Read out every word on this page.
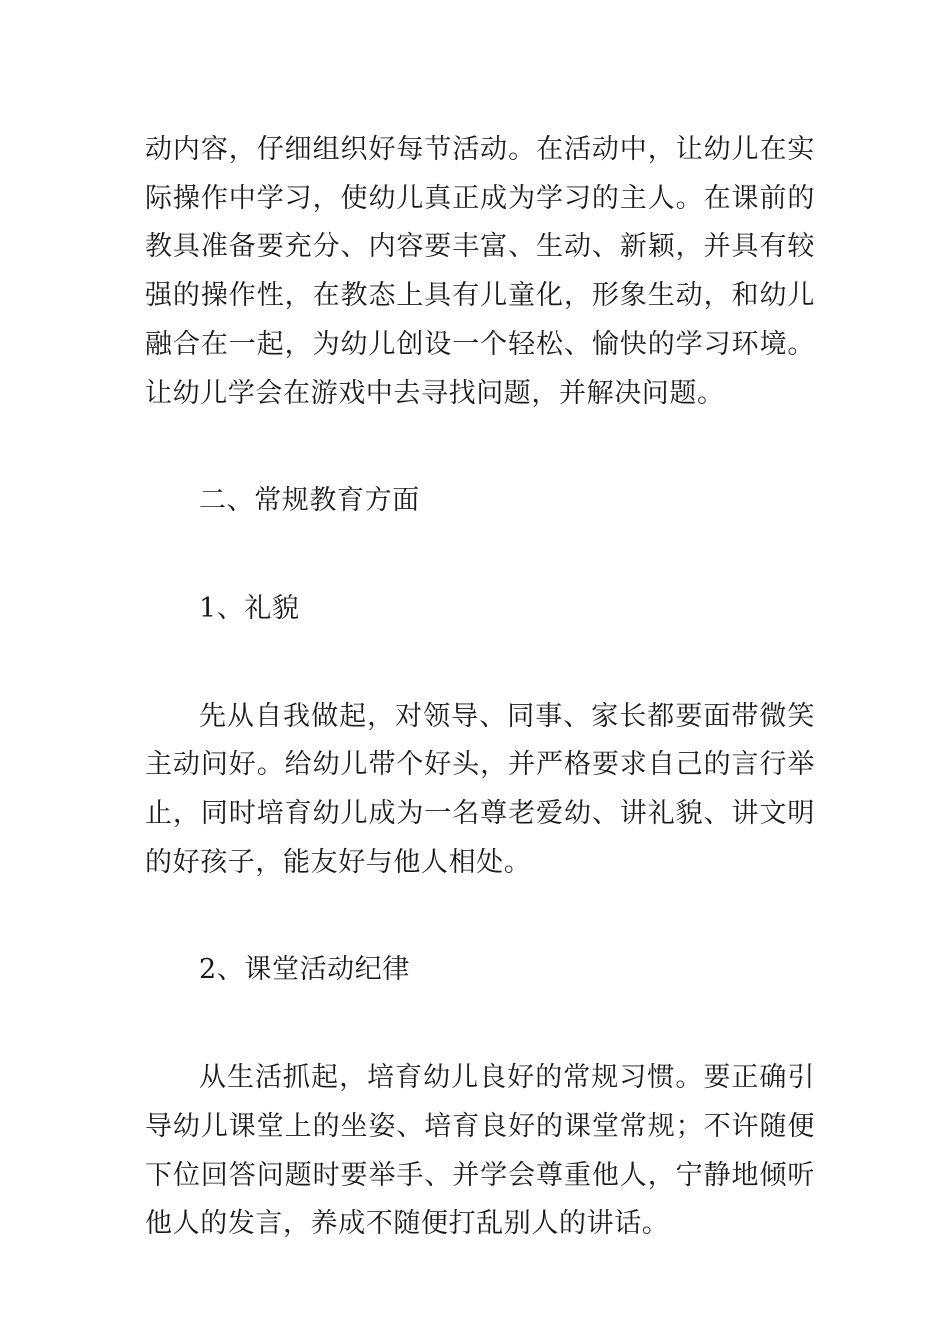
动内容，仔细组织好每节活动。在活动中，让幼儿在实际操作中学习，使幼儿真正成为学习的主人。在课前的教具准备要充分、内容要丰富、生动、新颖，并具有较强的操作性，在教态上具有儿童化，形象生动，和幼儿融合在一起，为幼儿创设一个轻松、愉快的学习环境。让幼儿学会在游戏中去寻找问题，并解决问题。

二、常规教育方面

1、礼貌

先从自我做起，对领导、同事、家长都要面带微笑主动问好。给幼儿带个好头，并严格要求自己的言行举止，同时培育幼儿成为一名尊老爱幼、讲礼貌、讲文明的好孩子，能友好与他人相处。

2、课堂活动纪律

从生活抓起，培育幼儿良好的常规习惯。要正确引导幼儿课堂上的坐姿、培育良好的课堂常规；不许随便下位回答问题时要举手、并学会尊重他人，宁静地倾听他人的发言，养成不随便打乱别人的讲话。
